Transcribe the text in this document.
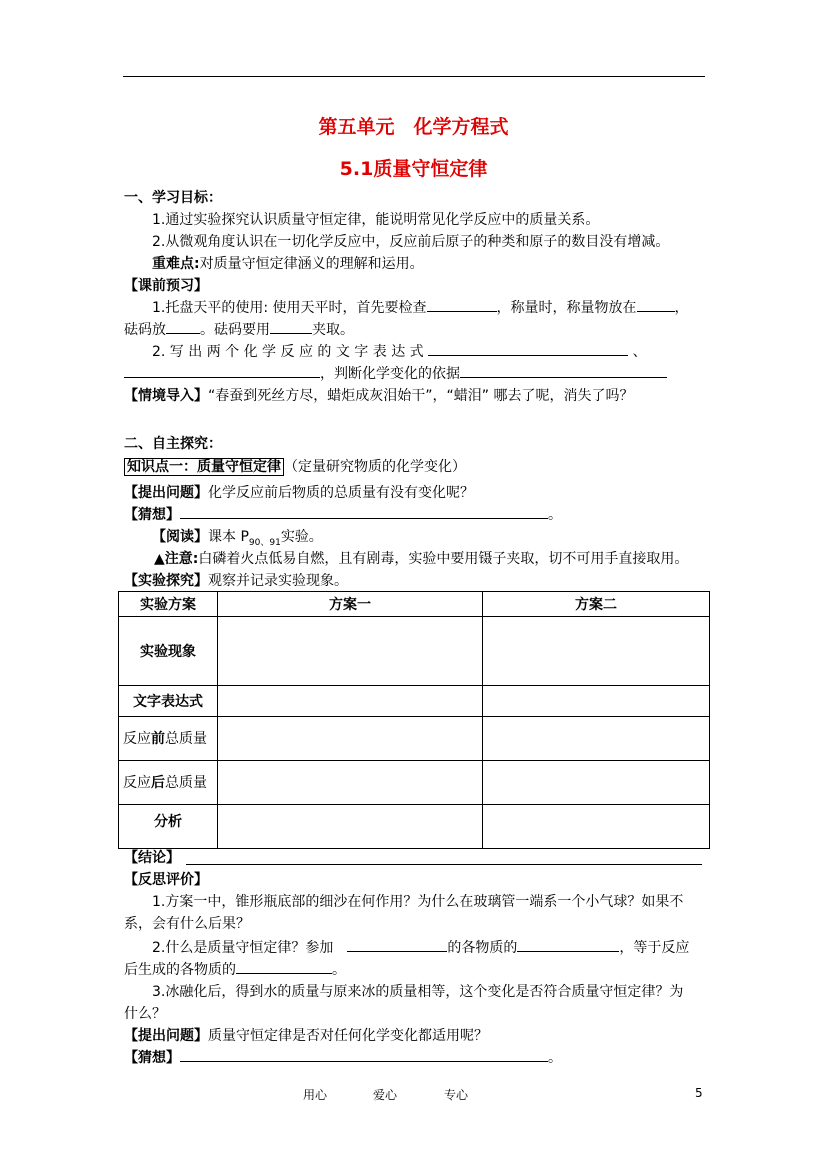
第五单元　化学方程式
5.1质量守恒定律
一、学习目标：
1.通过实验探究认识质量守恒定律，能说明常见化学反应中的质量关系。
2.从微观角度认识在一切化学反应中，反应前后原子的种类和原子的数目没有增减。
重难点:对质量守恒定律涵义的理解和运用。
【课前预习】
1.托盘天平的使用: 使用天平时，首先要检查	，称量时，称量物放在	，
砝码放 。砝码要用	夹取。
2. 写 出 两 个 化 学 反 应 的 文 字 表 达 式	、
，判断化学变化的依据
【情境导入】“春蚕到死丝方尽，蜡炬成灰泪始干”，“蜡泪” 哪去了呢，消失了吗？
二、自主探究：
知识点一：质量守恒定律 （定量研究物质的化学变化）
【提出问题】化学反应前后物质的总质量有没有变化呢？
【猜想】	。
【阅读】课本 $P_{90、91}$实验。
▲注意:白磷着火点低易自燃，且有剧毒，实验中要用镊子夹取，切不可用手直接取用。
【实验探究】观察并记录实验现象。
实验方案	方案一	方案二
实验现象		
文字表达式		
反应前总质量		
反应后总质量		
分析		
【结论】
【反思评价】
1.方案一中，锥形瓶底部的细沙在何作用？为什么在玻璃管一端系一个小气球？如果不
系，会有什么后果？
2.什么是质量守恒定律？参加　	的各物质的	，等于反应
后生成的各物质的	。
3.冰融化后，得到水的质量与原来冰的质量相等，这个变化是否符合质量守恒定律？为
什么？
【提出问题】质量守恒定律是否对任何化学变化都适用呢？
【猜想】	。
用心	爱心	专心	5
